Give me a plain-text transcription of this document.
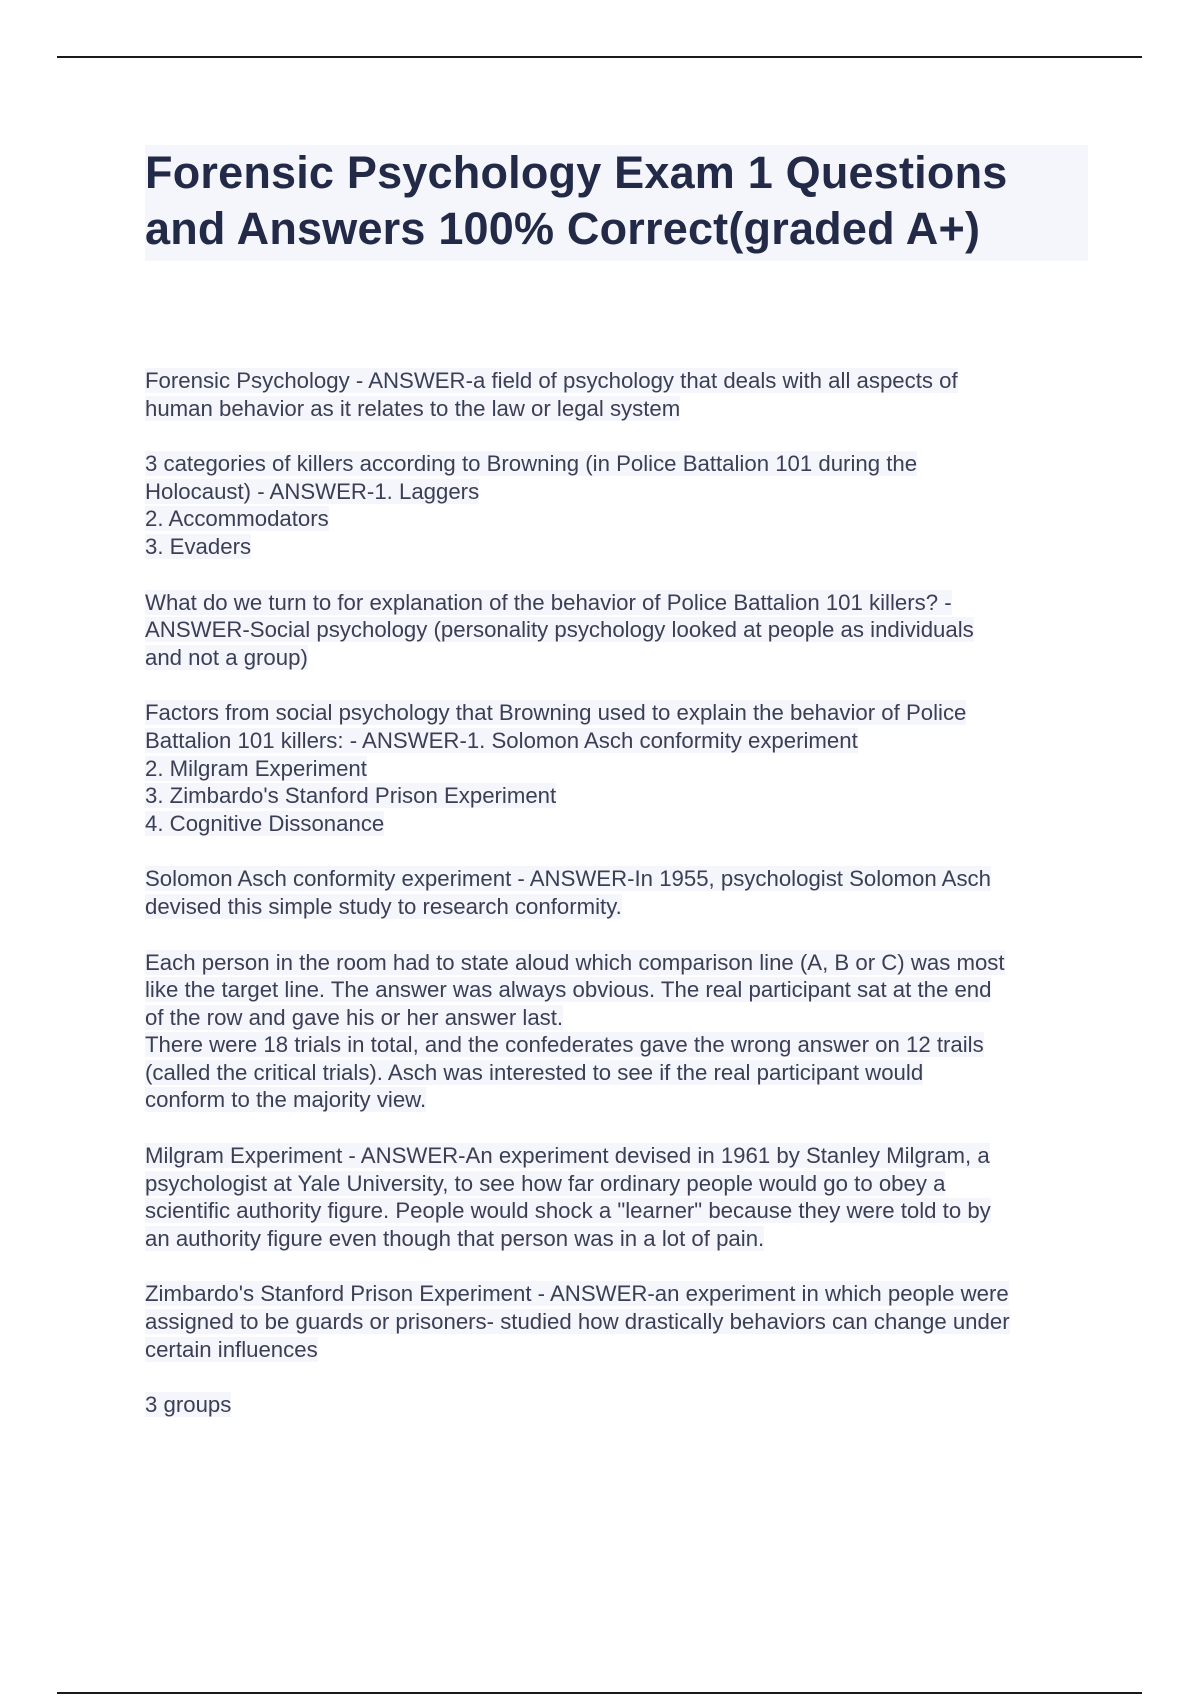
Forensic Psychology Exam 1 Questions
and Answers 100% Correct(graded A+)

Forensic Psychology - ANSWER-a field of psychology that deals with all aspects of
human behavior as it relates to the law or legal system

3 categories of killers according to Browning (in Police Battalion 101 during the
Holocaust) - ANSWER-1. Laggers
2. Accommodators
3. Evaders

What do we turn to for explanation of the behavior of Police Battalion 101 killers? -
ANSWER-Social psychology (personality psychology looked at people as individuals
and not a group)

Factors from social psychology that Browning used to explain the behavior of Police
Battalion 101 killers: - ANSWER-1. Solomon Asch conformity experiment
2. Milgram Experiment
3. Zimbardo's Stanford Prison Experiment
4. Cognitive Dissonance

Solomon Asch conformity experiment - ANSWER-In 1955, psychologist Solomon Asch
devised this simple study to research conformity.

Each person in the room had to state aloud which comparison line (A, B or C) was most
like the target line. The answer was always obvious. The real participant sat at the end
of the row and gave his or her answer last.
There were 18 trials in total, and the confederates gave the wrong answer on 12 trails
(called the critical trials). Asch was interested to see if the real participant would
conform to the majority view.

Milgram Experiment - ANSWER-An experiment devised in 1961 by Stanley Milgram, a
psychologist at Yale University, to see how far ordinary people would go to obey a
scientific authority figure. People would shock a "learner" because they were told to by
an authority figure even though that person was in a lot of pain.

Zimbardo's Stanford Prison Experiment - ANSWER-an experiment in which people were
assigned to be guards or prisoners- studied how drastically behaviors can change under
certain influences

3 groups
